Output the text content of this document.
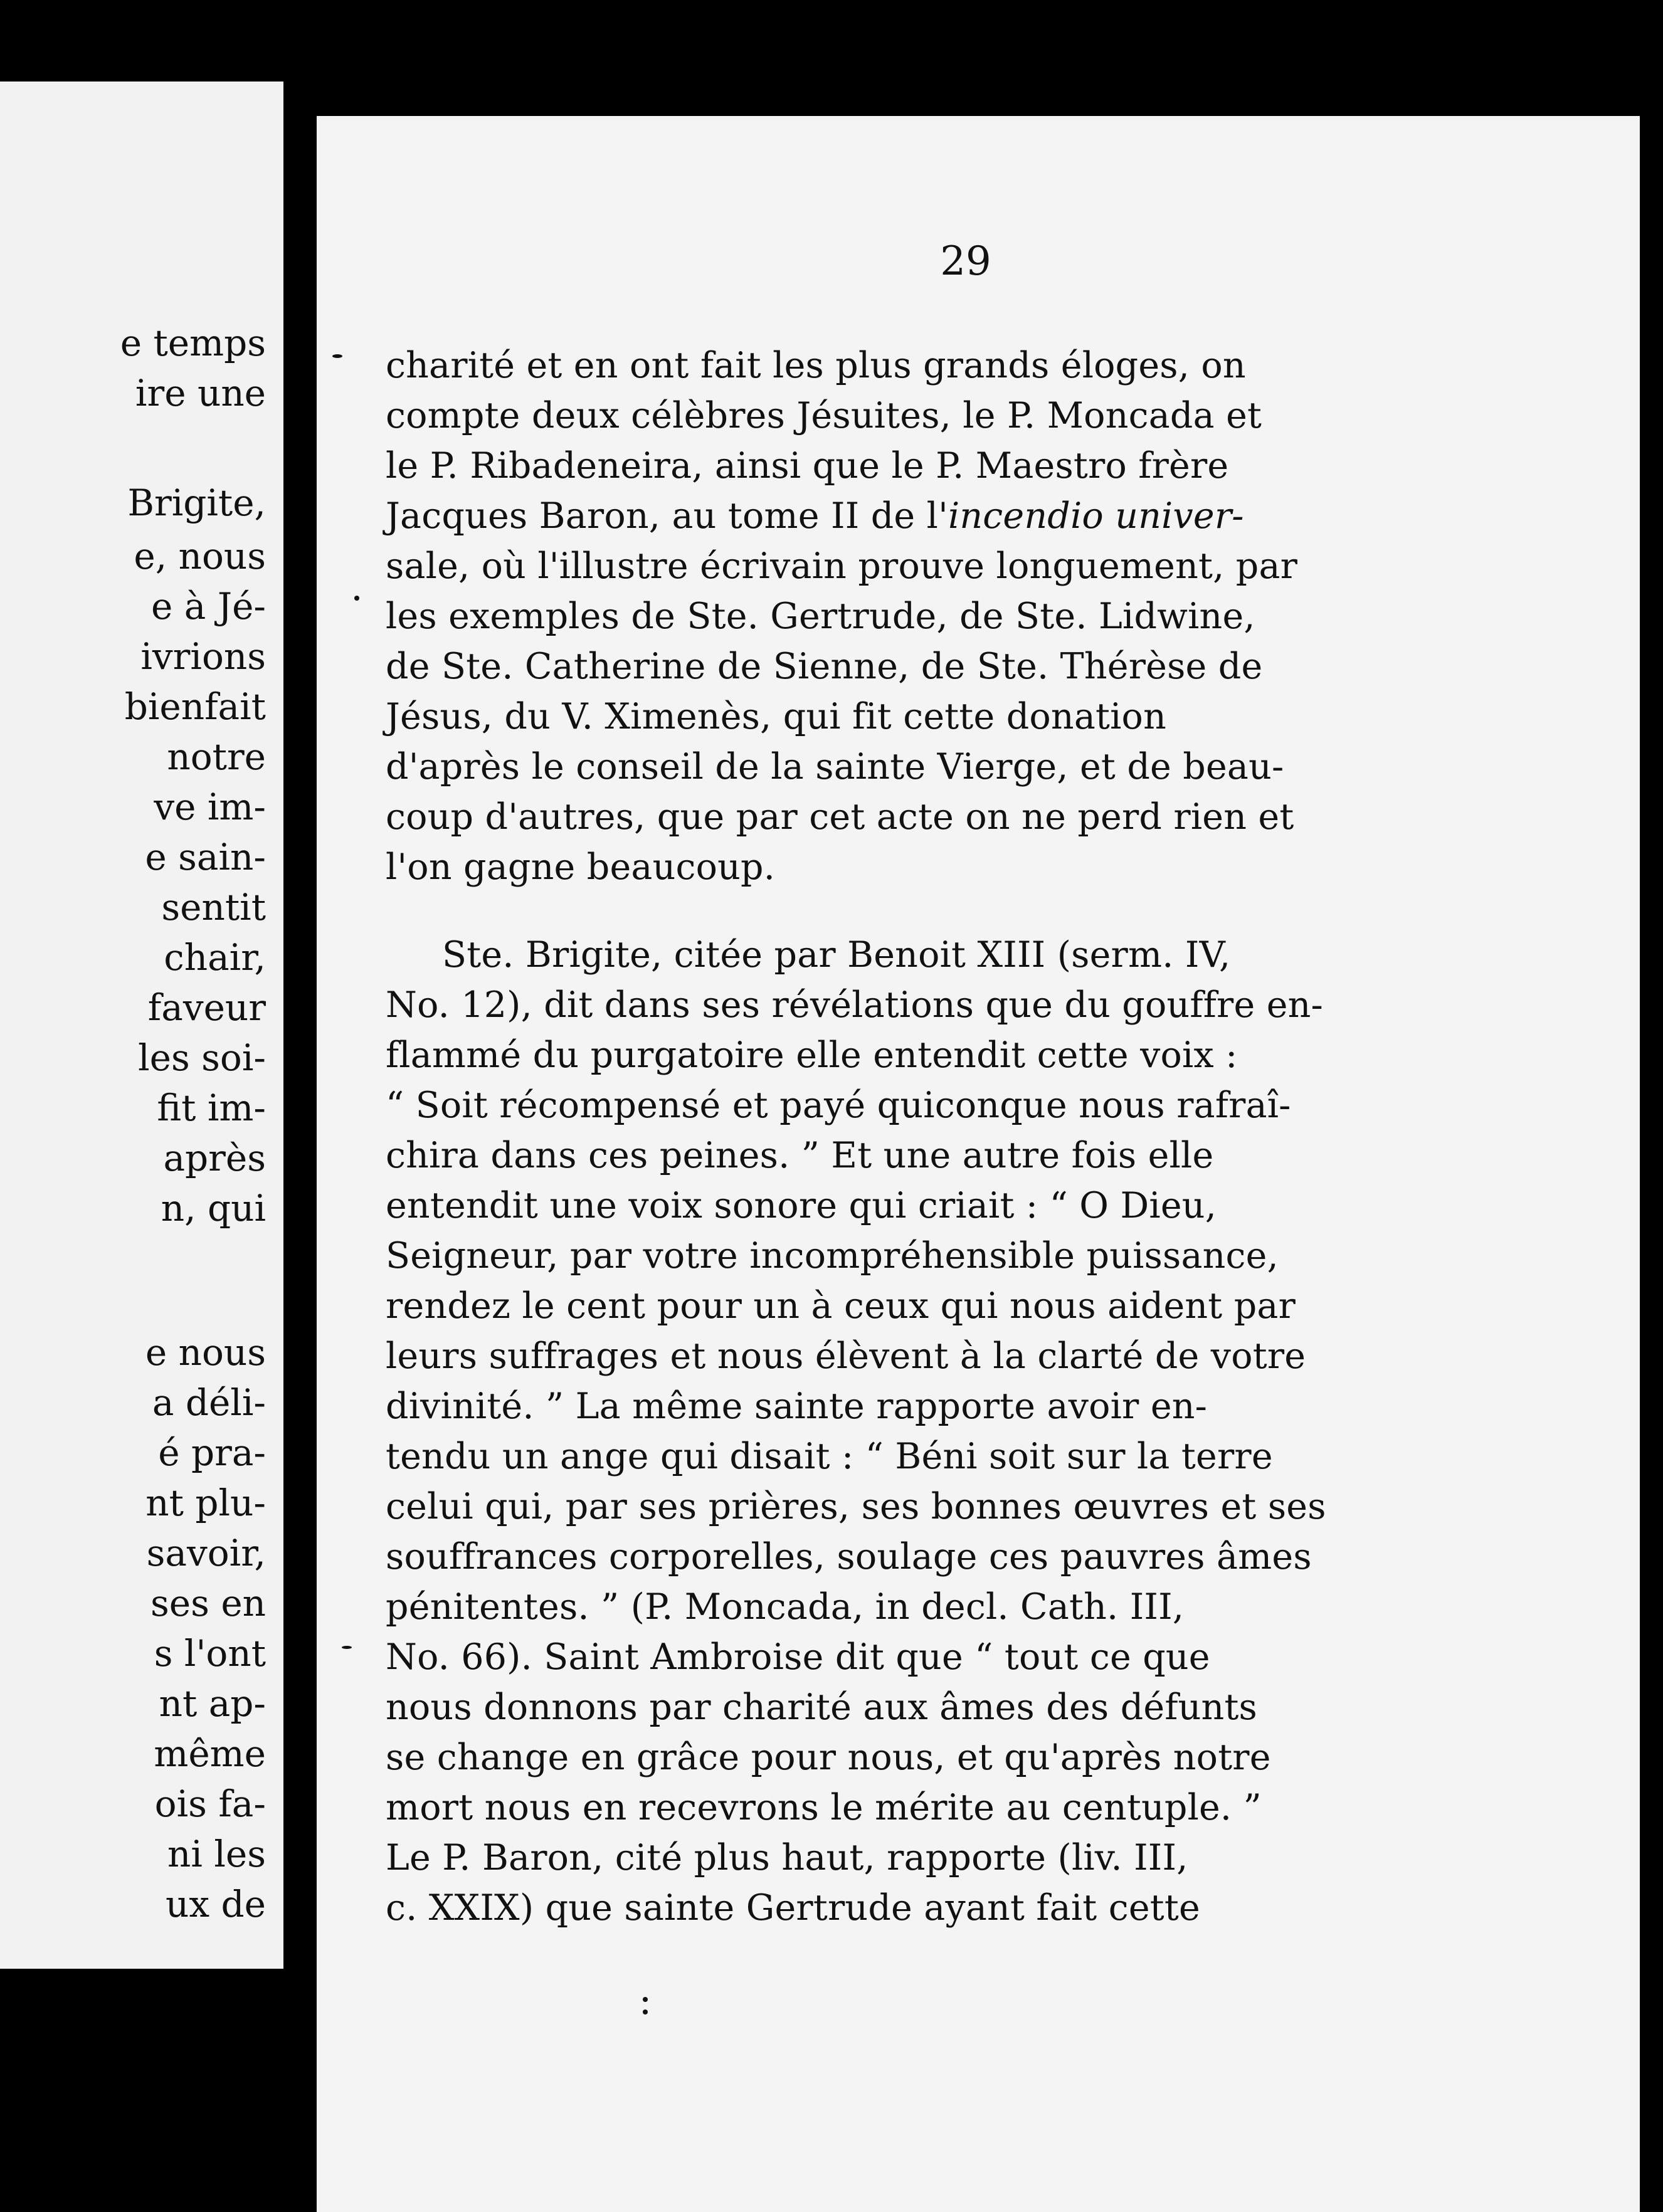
e temps
ire une
Brigite,
e, nous
e à Jé-
ivrions
bienfait
notre
ve im-
e sain-
sentit
chair,
faveur
les soi-
fit im-
après
n, qui
e nous
a déli-
é pra-
nt plu-
savoir,
ses en
s l'ont
nt ap-
même
ois fa-
ni les
ux de
29
charité et en ont fait les plus grands éloges, on
compte deux célèbres Jésuites, le P. Moncada et
le P. Ribadeneira, ainsi que le P. Maestro frère
Jacques Baron, au tome II de l'incendio univer-
sale, où l'illustre écrivain prouve longuement, par
les exemples de Ste. Gertrude, de Ste. Lidwine,
de Ste. Catherine de Sienne, de Ste. Thérèse de
Jésus, du V. Ximenès, qui fit cette donation
d'après le conseil de la sainte Vierge, et de beau-
coup d'autres, que par cet acte on ne perd rien et
l'on gagne beaucoup.
Ste. Brigite, citée par Benoit XIII (serm. IV,
No. 12), dit dans ses révélations que du gouffre en-
flammé du purgatoire elle entendit cette voix :
“ Soit récompensé et payé quiconque nous rafraî-
chira dans ces peines. ” Et une autre fois elle
entendit une voix sonore qui criait : “ O Dieu,
Seigneur, par votre incompréhensible puissance,
rendez le cent pour un à ceux qui nous aident par
leurs suffrages et nous élèvent à la clarté de votre
divinité. ” La même sainte rapporte avoir en-
tendu un ange qui disait : “ Béni soit sur la terre
celui qui, par ses prières, ses bonnes œuvres et ses
souffrances corporelles, soulage ces pauvres âmes
pénitentes. ” (P. Moncada, in decl. Cath. III,
No. 66). Saint Ambroise dit que “ tout ce que
nous donnons par charité aux âmes des défunts
se change en grâce pour nous, et qu'après notre
mort nous en recevrons le mérite au centuple. ”
Le P. Baron, cité plus haut, rapporte (liv. III,
c. XXIX) que sainte Gertrude ayant fait cette
